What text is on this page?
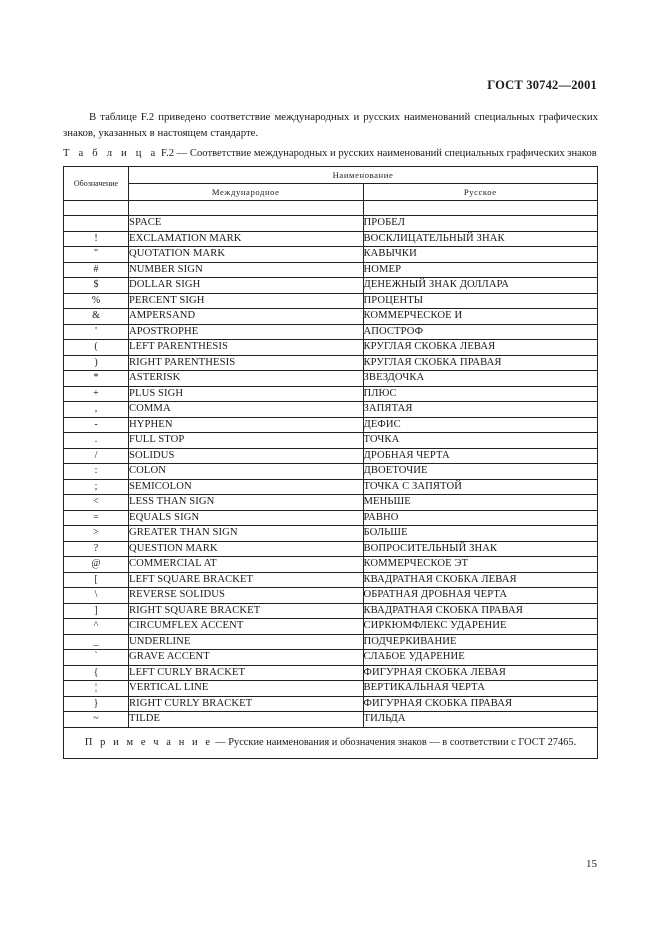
ГОСТ 30742—2001
В таблице F.2 приведено соответствие международных и русских наименований специальных графических знаков, указанных в настоящем стандарте.
Т а б л и ц а F.2 — Соответствие международных и русских наименований специальных графических знаков
Обозначение	Наименование	
	Международное	Русское

	SPACE	ПРОБЕЛ
!	EXCLAMATION MARK	ВОСКЛИЦАТЕЛЬНЫЙ ЗНАК
"	QUOTATION MARK	КАВЫЧКИ
#	NUMBER SIGN	НОМЕР
$	DOLLAR SIGH	ДЕНЕЖНЫЙ ЗНАК ДОЛЛАРА
%	PERCENT SIGH	ПРОЦЕНТЫ
&	AMPERSAND	КОММЕРЧЕСКОЕ И
'	APOSTROPHE	АПОСТРОФ
(	LEFT PARENTHESIS	КРУГЛАЯ СКОБКА ЛЕВАЯ
)	RIGHT PARENTHESIS	КРУГЛАЯ СКОБКА ПРАВАЯ
*	ASTERISK	ЗВЕЗДОЧКА
+	PLUS SIGH	ПЛЮС
,	COMMA	ЗАПЯТАЯ
-	HYPHEN	ДЕФИС
.	FULL STOP	ТОЧКА
/	SOLIDUS	ДРОБНАЯ ЧЕРТА
:	COLON	ДВОЕТОЧИЕ
;	SEMICOLON	ТОЧКА С ЗАПЯТОЙ
<	LESS THAN SIGN	МЕНЬШЕ
=	EQUALS SIGN	РАВНО
>	GREATER THAN SIGN	БОЛЬШЕ
?	QUESTION MARK	ВОПРОСИТЕЛЬНЫЙ ЗНАК
@	COMMERCIAL AT	КОММЕРЧЕСКОЕ ЭТ
[	LEFT SQUARE BRACKET	КВАДРАТНАЯ СКОБКА ЛЕВАЯ
\	REVERSE SOLIDUS	ОБРАТНАЯ ДРОБНАЯ ЧЕРТА
]	RIGHT SQUARE BRACKET	КВАДРАТНАЯ СКОБКА ПРАВАЯ
^	CIRCUMFLEX ACCENT	СИРКЮМФЛЕКС УДАРЕНИЕ
_	UNDERLINE	ПОДЧЕРКИВАНИЕ
`	GRAVE ACCENT	СЛАБОЕ УДАРЕНИЕ
{	LEFT CURLY BRACKET	ФИГУРНАЯ СКОБКА ЛЕВАЯ
¦	VERTICAL LINE	ВЕРТИКАЛЬНАЯ ЧЕРТА
}	RIGHT CURLY BRACKET	ФИГУРНАЯ СКОБКА ПРАВАЯ
~	TILDE	ТИЛЬДА
П р и м е ч а н и е — Русские наименования и обозначения знаков — в соответствии с ГОСТ 27465.		
15
